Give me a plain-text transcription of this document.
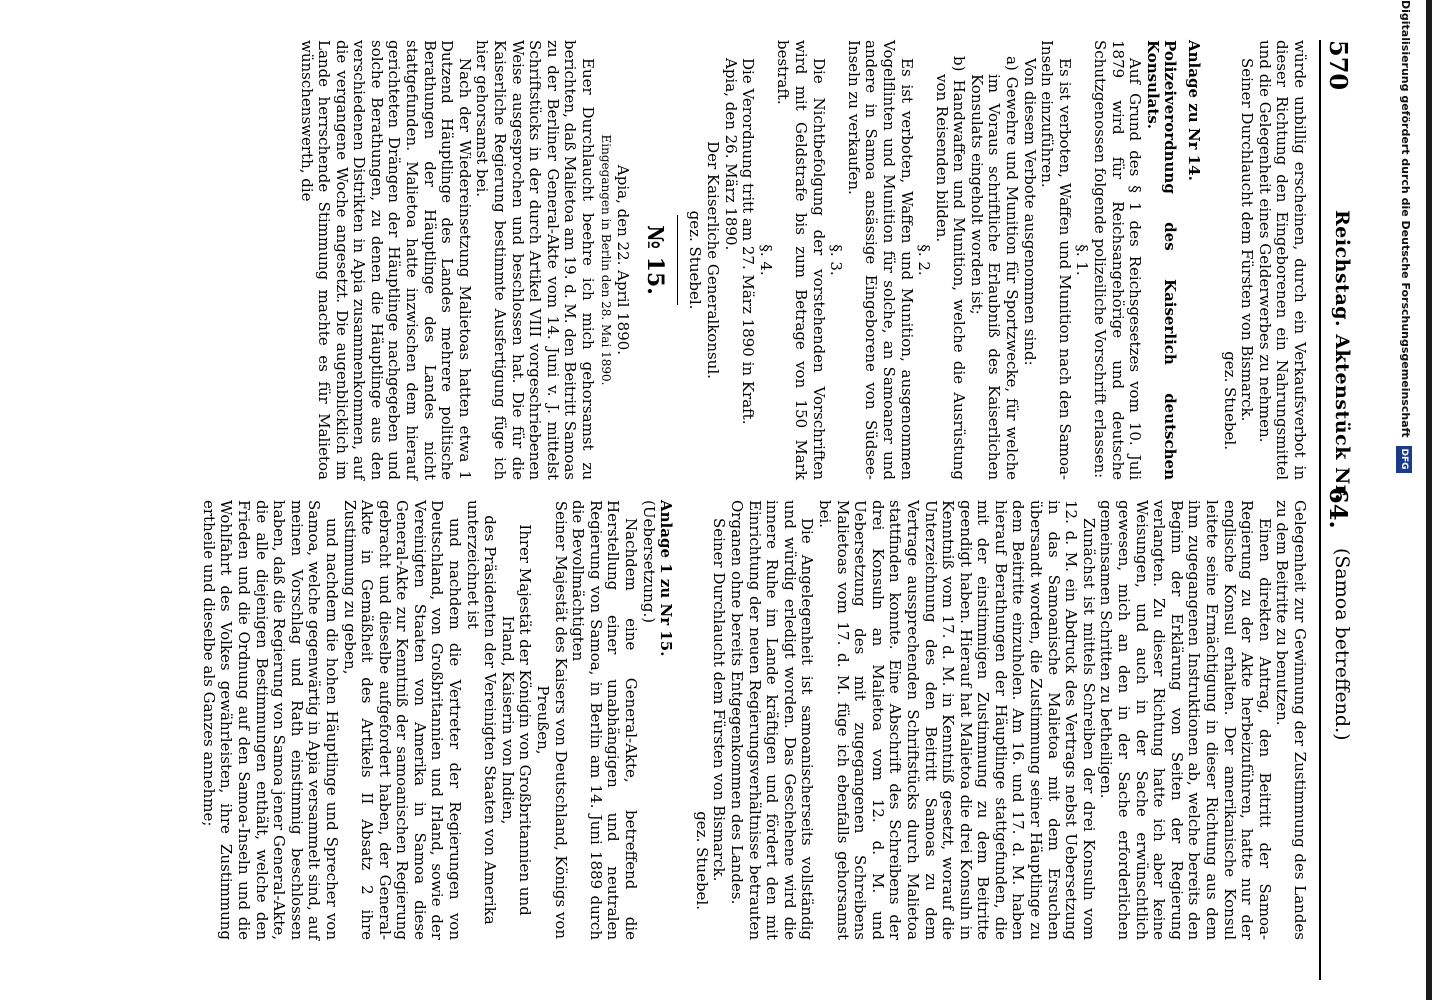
570
Reichstag. Aktenstück Nr.
64.
(Samoa betreffend.)

würde unbillig erscheinen, durch ein Verkaufsverbot in dieser Richtung den Eingeborenen ein Nahrungsmittel und die Gelegenheit eines Gelderwerbes zu nehmen.

Seiner Durchlaucht dem Fürsten von Bismarck.

gez. Stuebel.

Anlage zu Nr 14.

Polizeiverordnung des Kaiserlich deutschen Konsulats.

Auf Grund des § 1 des Reichsgesetzes vom 10. Juli 1879 wird für Reichsangehörige und deutsche Schutzgenossen folgende polizeiliche Vorschrift erlassen:

§. 1.

Es ist verboten, Waffen und Munition nach den Samoa-Inseln einzuführen.

Von diesem Verbote ausgenommen sind:

a) Gewehre und Munition für Sportzwecke, für welche im Voraus schriftliche Erlaubniß des Kaiserlichen Konsulats eingeholt worden ist;

b) Handwaffen und Munition, welche die Ausrüstung von Reisenden bilden.

§. 2.

Es ist verboten, Waffen und Munition, ausgenommen Vogelflinten und Munition für solche, an Samoaner und andere in Samoa ansässige Eingeborene von Südsee-Inseln zu verkaufen.

§. 3.

Die Nichtbefolgung der vorstehenden Vorschriften wird mit Geldstrafe bis zum Betrage von 150 Mark bestraft.

§. 4.

Die Verordnung tritt am 27. März 1890 in Kraft.

Apia, den 26. März 1890.

Der Kaiserliche Generalkonsul.

gez. Stuebel.

№ 15.

Apia, den 22. April 1890.

Eingegangen in Berlin den 28. Mai 1890.

Euer Durchlaucht beehre ich mich gehorsamst zu berichten, daß Malietoa am 19. d. M. den Beitritt Samoas zu der Berliner General-Akte vom 14. Juni v. J. mittelst Schriftstücks in der durch Artikel VIII vorgeschriebenen Weise ausgesprochen und beschlossen hat. Die für die Kaiserliche Regierung bestimmte Ausfertigung füge ich hier gehorsamst bei.

Nach der Wiedereinsetzung Malietoas hatten etwa 1 Dutzend Häuptlinge des Landes mehrere politische Berathungen der Häuptlinge des Landes nicht stattgefunden. Malietoa hatte inzwischen dem hierauf gerichteten Drängen der Häuptlinge nachgegeben und solche Berathungen, zu denen die Häuptlinge aus den verschiedenen Distrikten in Apia zusammenkommen, auf die vergangene Woche angesetzt. Die augenblicklich im Lande herrschende Stimmung machte es für Malietoa wünschenswerth, die

Gelegenheit zur Gewinnung der Zustimmung des Landes zu dem Beitritte zu benutzen.

Einen direkten Antrag, den Beitritt der Samoa-Regierung zu der Akte herbeizuführen, hatte nur der englische Konsul erhalten. Der amerikanische Konsul leitete seine Ermächtigung in dieser Richtung aus dem ihm zugegangenen Instruktionen ab, welche bereits den Beginn der Erklärung von Seiten der Regierung verlangten. Zu dieser Richtung hatte ich aber keine Weisungen, und auch in der Sache erwünschtlich gewesen, mich an den in der Sache erforderlichen gemeinsamen Schritten zu betheiligen.

Zunächst ist mittels Schreiben der drei Konsuln vom 12. d. M. ein Abdruck des Vertrags nebst Uebersetzung in das Samoanische Malietoa mit dem Ersuchen übersandt worden, die Zustimmung seiner Häuptlinge zu dem Beitritte einzuholen. Am 16. und 17. d. M. haben hierauf Berathungen der Häuptlinge stattgefunden, die mit der einstimmigen Zustimmung zu dem Beitritte geendigt haben. Hierauf hat Malietoa die drei Konsuln in Kenntniß vom 17. d. M. in Kenntniß gesetzt, worauf die Unterzeichnung des den Beitritt Samoas zu dem Vertrage aussprechenden Schriftstücks durch Malietoa stattfinden konnte. Eine Abschrift des Schreibens der drei Konsuln an Malietoa vom 12. d. M. und Uebersetzung des mit zugegangenen Schreibens Malietoas vom 17. d. M. füge ich ebenfalls gehorsamst bei.

Die Angelegenheit ist samoanischerseits vollständig und würdig erledigt worden. Das Geschehene wird die innere Ruhe im Lande kräftigen und fördert den mit Einrichtung der neuen Regierungsverhältnisse betrauten Organen ohne bereits Entgegenkommen des Landes.

Seiner Durchlaucht dem Fürsten von Bismarck.

gez. Stuebel.

Anlage 1 zu Nr 15.

(Uebersetzung.)

Nachdem eine General-Akte, betreffend die Herstellung einer unabhängigen und neutralen Regierung von Samoa, in Berlin am 14. Juni 1889 durch die Bevollmächtigten

Seiner Majestät des Kaisers von Deutschland, Königs von Preußen,

Ihrer Majestät der Königin von Großbritannien und Irland, Kaiserin von Indien,

des Präsidenten der Vereinigten Staaten von Amerika

unterzeichnet ist

und nachdem die Vertreter der Regierungen von Deutschland, von Großbritannien und Irland, sowie der Vereinigten Staaten von Amerika in Samoa diese General-Akte zur Kenntniß der samoanischen Regierung gebracht und dieselbe aufgefordert haben, der General-Akte in Gemäßheit des Artikels II Absatz 2 ihre Zustimmung zu geben,

und nachdem die hohen Häuptlinge und Sprecher von Samoa, welche gegenwärtig in Apia versammelt sind, auf meinen Vorschlag und Rath einstimmig beschlossen haben, daß die Regierung von Samoa jener General-Akte, die alle diejenigen Bestimmungen enthält, welche den Frieden und die Ordnung auf den Samoa-Inseln und die Wohlfahrt des Volkes gewährleisten, ihre Zustimmung ertheile und dieselbe als Ganzes annehme;

Digitalisierung gefördert durch die Deutsche Forschungsgemeinschaft DFG
